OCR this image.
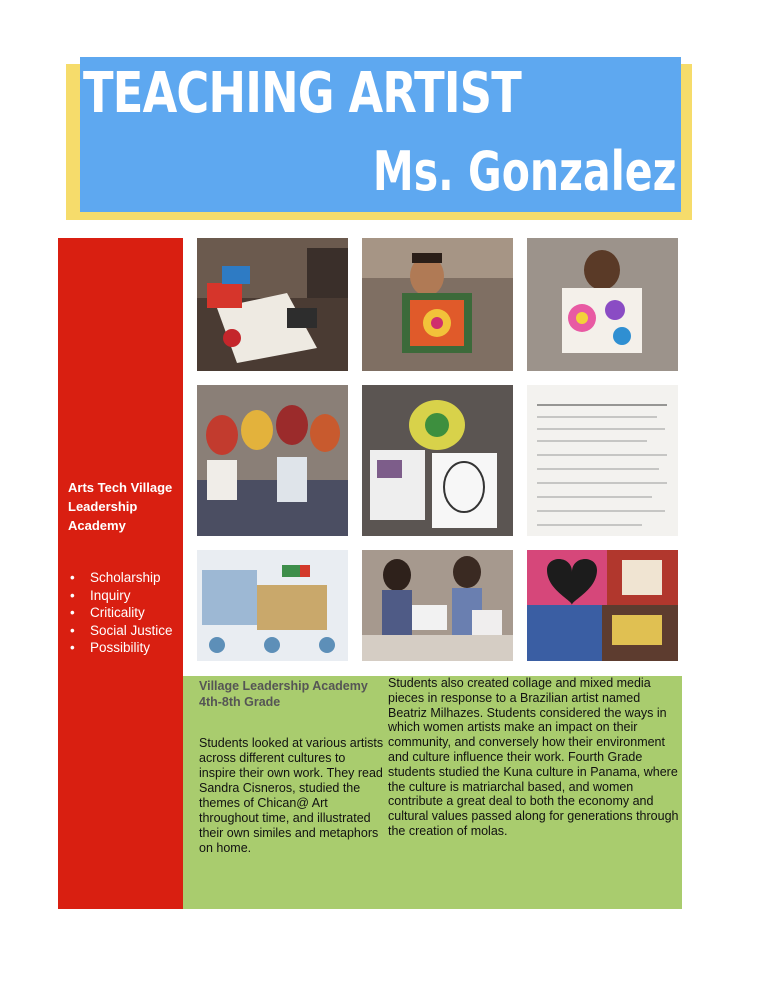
TEACHING ARTIST
Ms. Gonzalez

Arts Tech Village Leadership Academy

• Scholarship
• Inquiry
• Criticality
• Social Justice
• Possibility

Village Leadership Academy 4th-8th Grade

Students looked at various artists across different cultures to inspire their own work. They read Sandra Cisneros, studied the themes of Chican@ Art throughout time, and illustrated their own similes and metaphors on home.

Students also created collage and mixed media pieces in response to a Brazilian artist named Beatriz Milhazes. Students considered the ways in which women artists make an impact on their community, and conversely how their environment and culture influence their work. Fourth Grade students studied the Kuna culture in Panama, where the culture is matriarchal based, and women contribute a great deal to both the economy and cultural values passed along for generations through the creation of molas.
